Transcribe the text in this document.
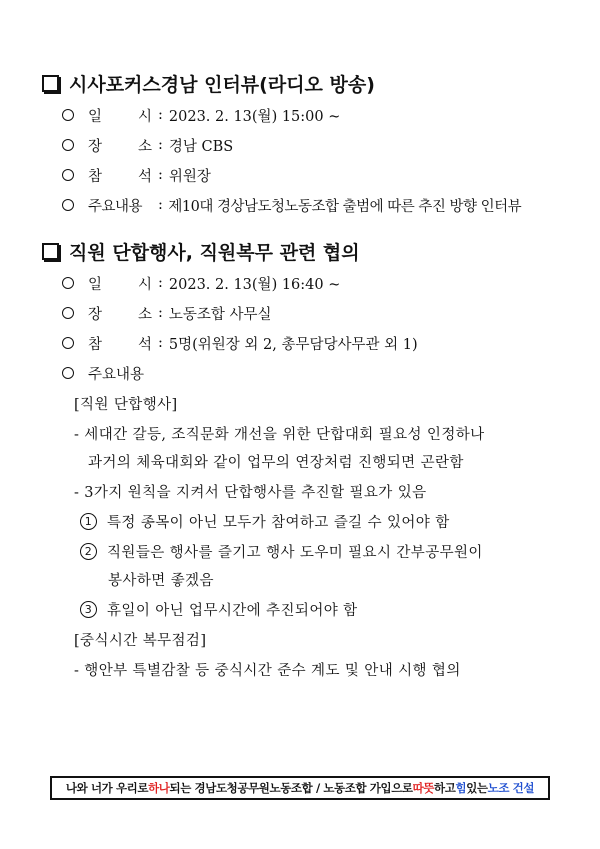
시사포커스경남 인터뷰(라디오 방송)
일 시 : 2023. 2. 13(월) 15:00 ~
장 소 : 경남 CBS
참 석 : 위원장
주요내용	: 제10대 경상남도청노동조합 출범에 따른 추진 방향 인터뷰
직원 단합행사, 직원복무 관련 협의
일 시 : 2023. 2. 13(월) 16:40 ~
장 소 : 노동조합 사무실
참 석 : 5명(위원장 외 2, 총무담당사무관 외 1)
주요내용
[직원 단합행사]
- 세대간 갈등, 조직문화 개선을 위한 단합대회 필요성 인정하나
과거의 체육대회와 같이 업무의 연장처럼 진행되면 곤란함
- 3가지 원칙을 지켜서 단합행사를 추진할 필요가 있음
1	특정 종목이 아닌 모두가 참여하고 즐길 수 있어야 함
2	직원들은 행사를 즐기고 행사 도우미 필요시 간부공무원이
봉사하면 좋겠음
3	휴일이 아닌 업무시간에 추진되어야 함
[중식시간 복무점검]
- 행안부 특별감찰 등 중식시간 준수 계도 및 안내 시행 협의
나와 너가 우리로 하나 되는 경남도청공무원노동조합 / 노동조합 가입으로 따뜻 하고 힘 있는 노조 건설
